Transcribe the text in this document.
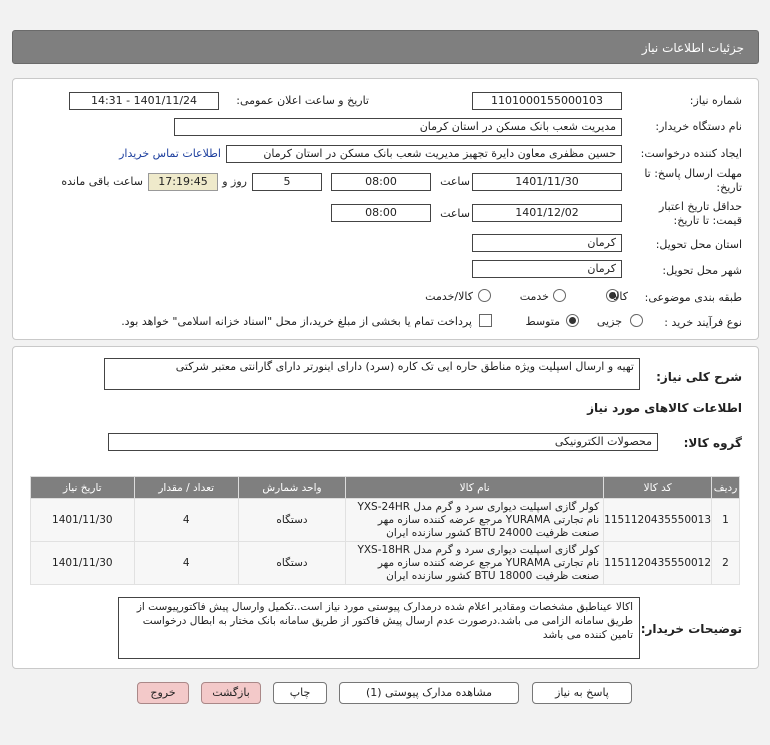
جزئیات اطلاعات نیاز
شماره نیاز:
1101000155000103
تاریخ و ساعت اعلان عمومی:
1401/11/24 - 14:31
نام دستگاه خریدار:
مدیریت شعب بانک مسکن در استان کرمان
ایجاد کننده درخواست:
حسین مظفری معاون دایرة تجهیز مدیریت شعب بانک مسکن در استان کرمان
اطلاعات تماس خریدار
مهلت ارسال پاسخ: تا
تاریخ:
1401/11/30
ساعت
08:00
5
روز و
17:19:45
ساعت باقی مانده
حداقل تاریخ اعتبار
قیمت: تا تاریخ:
1401/12/02
ساعت
08:00
استان محل تحویل:
کرمان
شهر محل تحویل:
کرمان
طبقه بندی موضوعی:
کالا
خدمت
کالا/خدمت
نوع فرآیند خرید :
جزیی
متوسط
پرداخت تمام یا بخشی از مبلغ خرید،از محل "اسناد خزانه اسلامی" خواهد بود.
شرح کلی نیاز:
تهیه و ارسال اسپلیت ویژه مناطق حاره ایی تک کاره (سرد) دارای اینورتر دارای گارانتی معتبر شرکتی
اطلاعات کالاهای مورد نیاز
گروه کالا:
محصولات الکترونیکی
ردیف	کد کالا	نام کالا	واحد شمارش	تعداد / مقدار	تاریخ نیاز
1	1151120435550013	کولر گازی اسپلیت دیواری سرد و گرم مدل YXS-24HR نام تجارتی YURAMA مرجع عرضه کننده سازه مهر صنعت ظرفیت BTU 24000 کشور سازنده ایران	دستگاه	4	1401/11/30
2	1151120435550012	کولر گازی اسپلیت دیواری سرد و گرم مدل YXS-18HR نام تجارتی YURAMA مرجع عرضه کننده سازه مهر صنعت ظرفیت BTU 18000 کشور سازنده ایران	دستگاه	4	1401/11/30
توضیحات خریدار:
اکالا عیناطبق مشخصات ومقادیر اعلام شده درمدارک پیوستی مورد نیاز است..تکمیل وارسال پیش فاکتورپیوست از طریق سامانه الزامی می باشد.درصورت عدم ارسال پیش فاکتور از طریق سامانه بانک مختار به ابطال درخواست تامین کننده می باشد
پاسخ به نیاز
مشاهده مدارک پیوستی (1)
چاپ
بازگشت
خروج
